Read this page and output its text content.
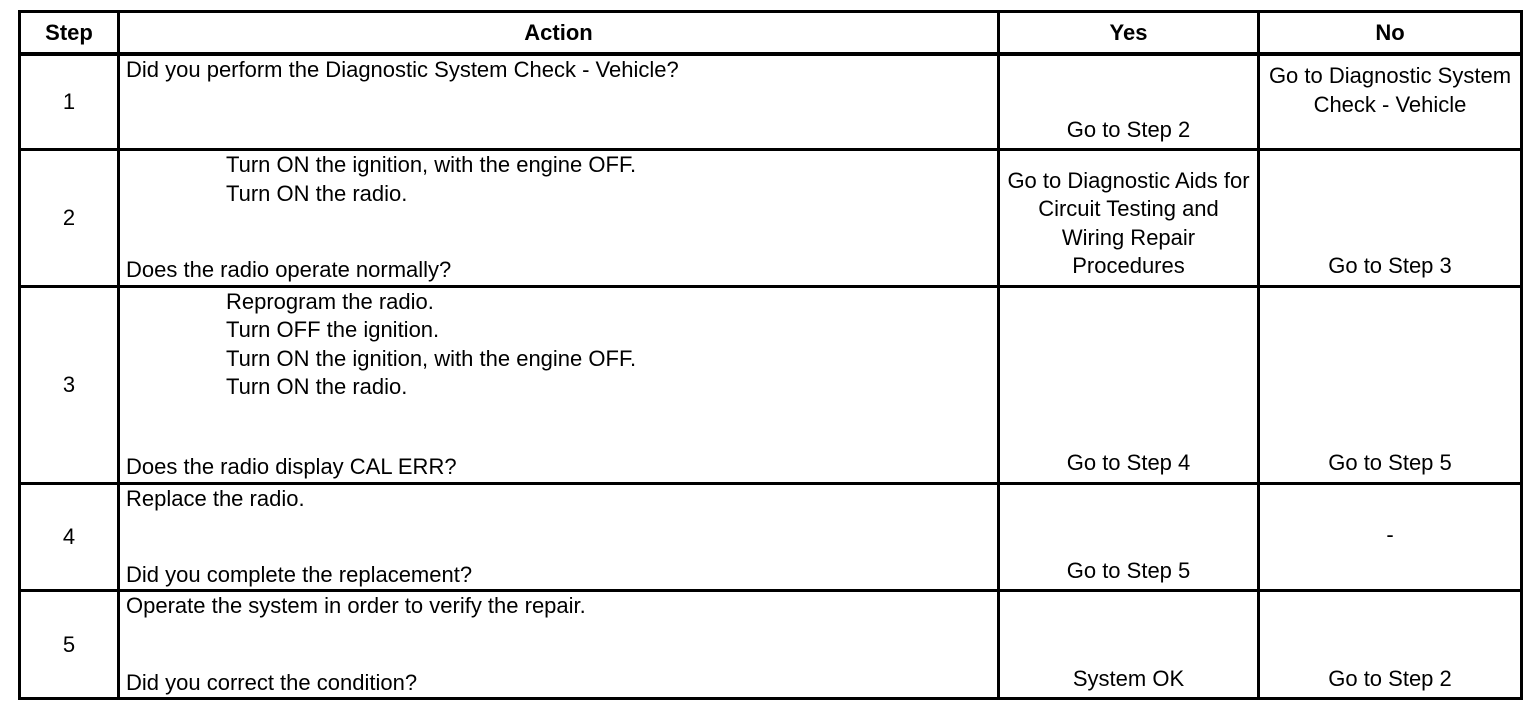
Step	Action	Yes	No
1	Did you perform the Diagnostic System Check - Vehicle?	Go to Step 2	Go to Diagnostic System Check - Vehicle
2	Turn ON the ignition, with the engine OFF.
Turn ON the radio.
Does the radio operate normally?	Go to Diagnostic Aids for Circuit Testing and Wiring Repair Procedures	Go to Step 3
3	Reprogram the radio.
Turn OFF the ignition.
Turn ON the ignition, with the engine OFF.
Turn ON the radio.
Does the radio display CAL ERR?	Go to Step 4	Go to Step 5
4	Replace the radio.
Did you complete the replacement?	Go to Step 5	-
5	Operate the system in order to verify the repair.
Did you correct the condition?	System OK	Go to Step 2
